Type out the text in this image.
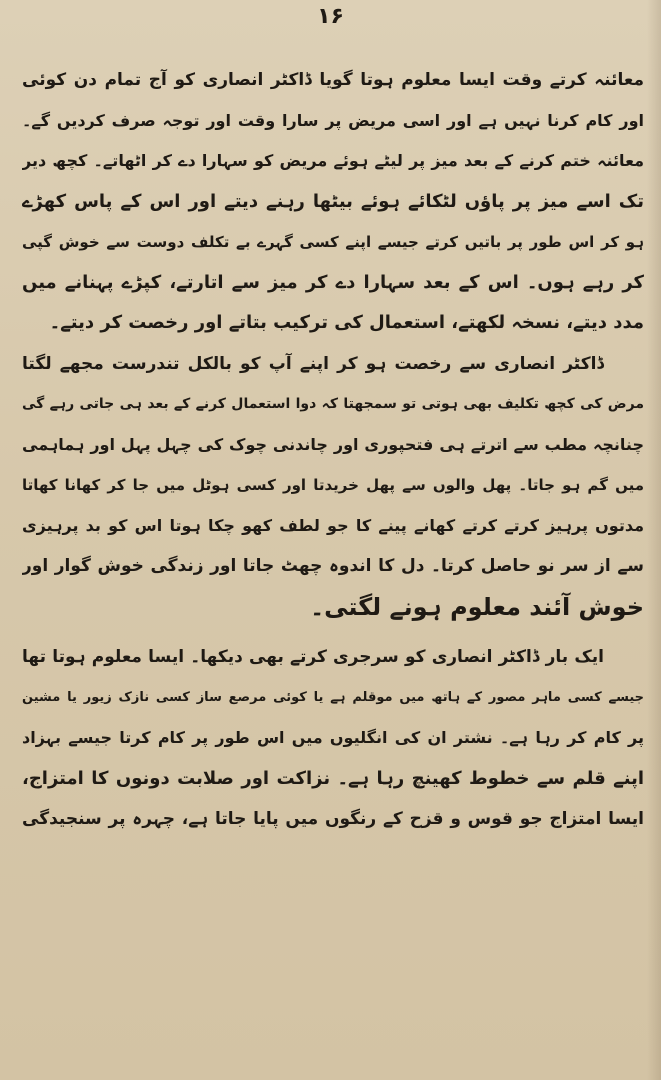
۱۶
معائنہ کرتے وقت ایسا معلوم ہوتا گویا ڈاکٹر انصاری کو آج تمام دن کوئی
اور کام کرنا نہیں ہے اور اسی مریض پر سارا وقت اور توجہ صرف کردیں گے۔
معائنہ ختم کرنے کے بعد میز پر لیٹے ہوئے مریض کو سہارا دے کر اٹھاتے۔ کچھ دیر
تک اسے میز پر پاؤں لٹکائے ہوئے بیٹھا رہنے دیتے اور اس کے پاس کھڑے
ہو کر اس طور پر باتیں کرتے جیسے اپنے کسی گہرے بے تکلف دوست سے خوش گپی
کر رہے ہوں۔ اس کے بعد سہارا دے کر میز سے اتارتے، کپڑے پہنانے میں
مدد دیتے، نسخہ لکھتے، استعمال کی ترکیب بتاتے اور رخصت کر دیتے۔
ڈاکٹر انصاری سے رخصت ہو کر اپنے آپ کو بالکل تندرست مجھے لگتا
مرض کی کچھ تکلیف بھی ہوتی تو سمجھتا کہ دوا استعمال کرنے کے بعد ہی جاتی رہے گی
چنانچہ مطب سے اترتے ہی فتحپوری اور چاندنی چوک کی چہل پہل اور ہماہمی
میں گم ہو جاتا۔ پھل والوں سے پھل خریدتا اور کسی ہوٹل میں جا کر کھانا کھاتا
مدتوں پرہیز کرتے کرتے کھانے پینے کا جو لطف کھو چکا ہوتا اس کو بد پرہیزی
سے از سر نو حاصل کرتا۔ دل کا اندوہ چھٹ جاتا اور زندگی خوش گوار اور
خوش آئند معلوم ہونے لگتی۔
ایک بار ڈاکٹر انصاری کو سرجری کرتے بھی دیکھا۔ ایسا معلوم ہوتا تھا
جیسے کسی ماہر مصور کے ہاتھ میں موقلم ہے یا کوئی مرصع ساز کسی نازک زیور یا مشین
پر کام کر رہا ہے۔ نشتر ان کی انگلیوں میں اس طور پر کام کرتا جیسے بہزاد
اپنے قلم سے خطوط کھینچ رہا ہے۔ نزاکت اور صلابت دونوں کا امتزاج،
ایسا امتزاج جو قوس و قزح کے رنگوں میں پایا جاتا ہے، چہرہ پر سنجیدگی
